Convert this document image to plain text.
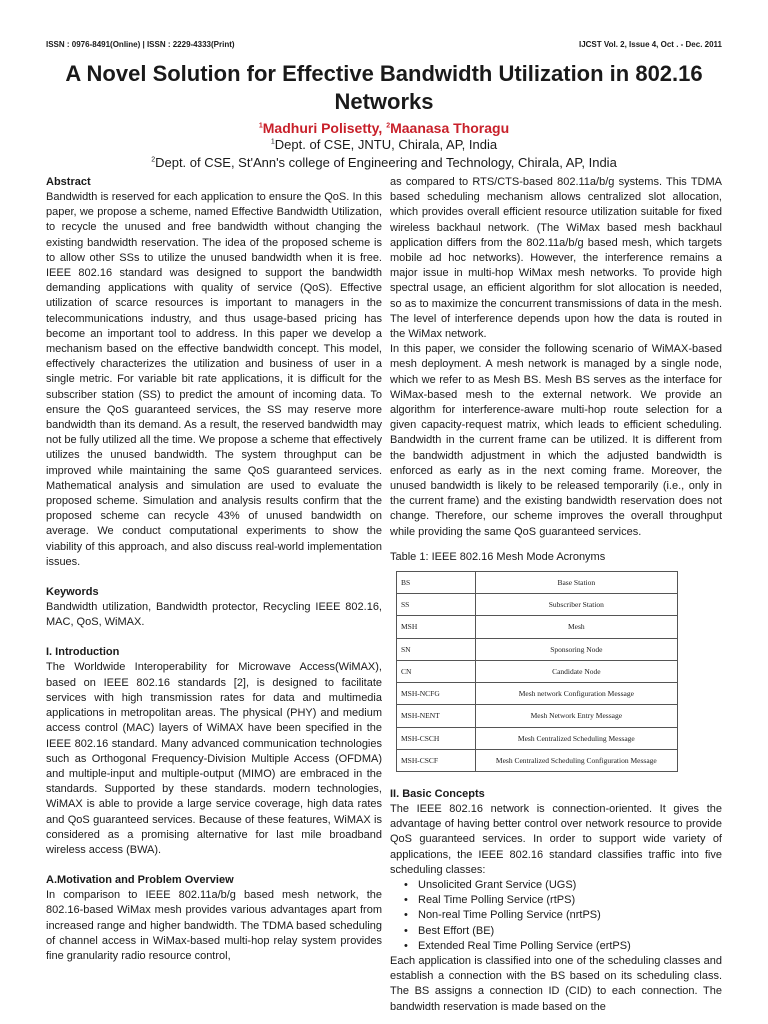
ISSN : 0976-8491(Online) | ISSN : 2229-4333(Print)	IJCST Vol. 2, Issue 4, Oct . - Dec. 2011
A Novel Solution for Effective Bandwidth Utilization in 802.16 Networks
$^1$Madhuri Polisetty, $^2$Maanasa Thoragu
$^1$Dept. of CSE, JNTU, Chirala, AP, India
$^2$Dept. of CSE, St'Ann's college of Engineering and Technology, Chirala, AP, India
Abstract

Bandwidth is reserved for each application to ensure the QoS. In this paper, we propose a scheme, named Effective Bandwidth Utilization, to recycle the unused and free bandwidth without changing the existing bandwidth reservation. The idea of the proposed scheme is to allow other SSs to utilize the unused bandwidth when it is free. IEEE 802.16 standard was designed to support the bandwidth demanding applications with quality of service (QoS). Effective utilization of scarce resources is important to managers in the telecommunications industry, and thus usage-based pricing has become an important tool to address. In this paper we develop a mechanism based on the effective bandwidth concept. This model, effectively characterizes the utilization and business of user in a single metric. For variable bit rate applications, it is difficult for the subscriber station (SS) to predict the amount of incoming data. To ensure the QoS guaranteed services, the SS may reserve more bandwidth than its demand. As a result, the reserved bandwidth may not be fully utilized all the time. We propose a scheme that effectively utilizes the unused bandwidth. The system throughput can be improved while maintaining the same QoS guaranteed services. Mathematical analysis and simulation are used to evaluate the proposed scheme. Simulation and analysis results confirm that the proposed scheme can recycle 43% of unused bandwidth on average. We conduct computational experiments to show the viability of this approach, and also discuss real-world implementation issues.

Keywords

Bandwidth utilization, Bandwidth protector, Recycling IEEE 802.16, MAC, QoS, WiMAX.

I. Introduction

The Worldwide Interoperability for Microwave Access(WiMAX), based on IEEE 802.16 standards [2], is designed to facilitate services with high transmission rates for data and multimedia applications in metropolitan areas. The physical (PHY) and medium access control (MAC) layers of WiMAX have been specified in the IEEE 802.16 standard. Many advanced communication technologies such as Orthogonal Frequency-Division Multiple Access (OFDMA) and multiple-input and multiple-output (MIMO) are embraced in the standards. Supported by these standards. modern technologies, WiMAX is able to provide a large service coverage, high data rates and QoS guaranteed services. Because of these features, WiMAX is considered as a promising alternative for last mile broadband wireless access (BWA).

A.Motivation and Problem Overview

In comparison to IEEE 802.11a/b/g based mesh network, the 802.16-based WiMax mesh provides various advantages apart from increased range and higher bandwidth. The TDMA based scheduling of channel access in WiMax-based multi-hop relay system provides fine granularity radio resource control,

as compared to RTS/CTS-based 802.11a/b/g systems. This TDMA based scheduling mechanism allows centralized slot allocation, which provides overall efficient resource utilization suitable for fixed wireless backhaul network. (The WiMax based mesh backhaul application differs from the 802.11a/b/g based mesh, which targets mobile ad hoc networks). However, the interference remains a major issue in multi-hop WiMax mesh networks. To provide high spectral usage, an efficient algorithm for slot allocation is needed, so as to maximize the concurrent transmissions of data in the mesh. The level of interference depends upon how the data is routed in the WiMax network.

In this paper, we consider the following scenario of WiMAX-based mesh deployment. A mesh network is managed by a single node, which we refer to as Mesh BS. Mesh BS serves as the interface for WiMax-based mesh to the external network. We provide an algorithm for interference-aware multi-hop route selection for a given capacity-request matrix, which leads to efficient scheduling. Bandwidth in the current frame can be utilized. It is different from the bandwidth adjustment in which the adjusted bandwidth is enforced as early as in the next coming frame. Moreover, the unused bandwidth is likely to be released temporarily (i.e., only in the current frame) and the existing bandwidth reservation does not change. Therefore, our scheme improves the overall throughput while providing the same QoS guaranteed services.

Table 1: IEEE 802.16 Mesh Mode Acronyms
BS	Base Station
SS	Subscriber Station
MSH	Mesh
SN	Sponsoring Node
CN	Candidate Node
MSH-NCFG	Mesh network Configuration Message
MSH-NENT	Mesh Network Entry Message
MSH-CSCH	Mesh Centralized Scheduling Message
MSH-CSCF	Mesh Centralized Scheduling Configuration Message
II. Basic Concepts

The IEEE 802.16 network is connection-oriented. It gives the advantage of having better control over network resource to provide QoS guaranteed services. In order to support wide variety of applications, the IEEE 802.16 standard classifies traffic into five scheduling classes:

• Unsolicited Grant Service (UGS)
• Real Time Polling Service (rtPS)
• Non-real Time Polling Service (nrtPS)
• Best Effort (BE)
• Extended Real Time Polling Service (ertPS)

Each application is classified into one of the scheduling classes and establish a connection with the BS based on its scheduling class. The BS assigns a connection ID (CID) to each connection. The bandwidth reservation is made based on the
